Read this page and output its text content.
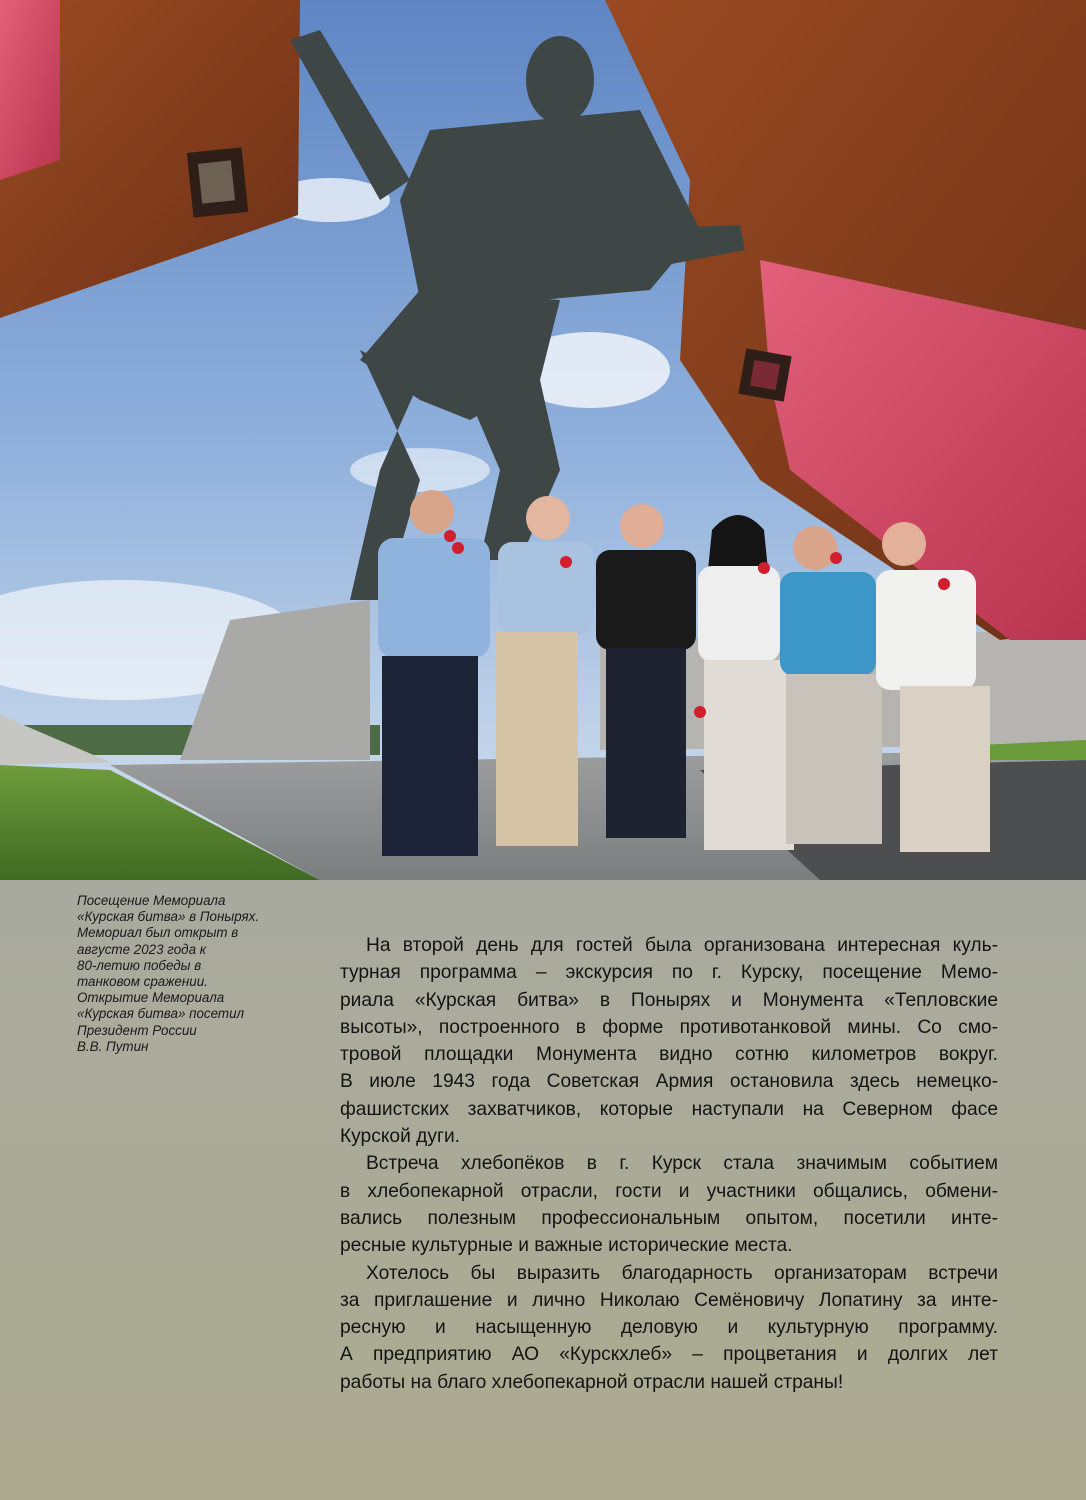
Посещение Мемориала
«Курская битва» в Понырях.
Мемориал был открыт в
августе 2023 года к
80-летию победы в
танковом сражении.
Открытие Мемориала
«Курская битва» посетил
Президент России
В.В. Путин

На второй день для гостей была организована интересная куль-
турная программа – экскурсия по г. Курску, посещение Мемо-
риала «Курская битва» в Понырях и Монумента «Тепловские
высоты», построенного в форме противотанковой мины. Со смо-
тровой площадки Монумента видно сотню километров вокруг.
В июле 1943 года Советская Армия остановила здесь немецко-
фашистских захватчиков, которые наступали на Северном фасе
Курской дуги.

Встреча хлебопёков в г. Курск стала значимым событием
в хлебопекарной отрасли, гости и участники общались, обмени-
вались полезным профессиональным опытом, посетили инте-
ресные культурные и важные исторические места.

Хотелось бы выразить благодарность организаторам встречи
за приглашение и лично Николаю Семёновичу Лопатину за инте-
ресную и насыщенную деловую и культурную программу.
А предприятию АО «Курскхлеб» – процветания и долгих лет
работы на благо хлебопекарной отрасли нашей страны!
